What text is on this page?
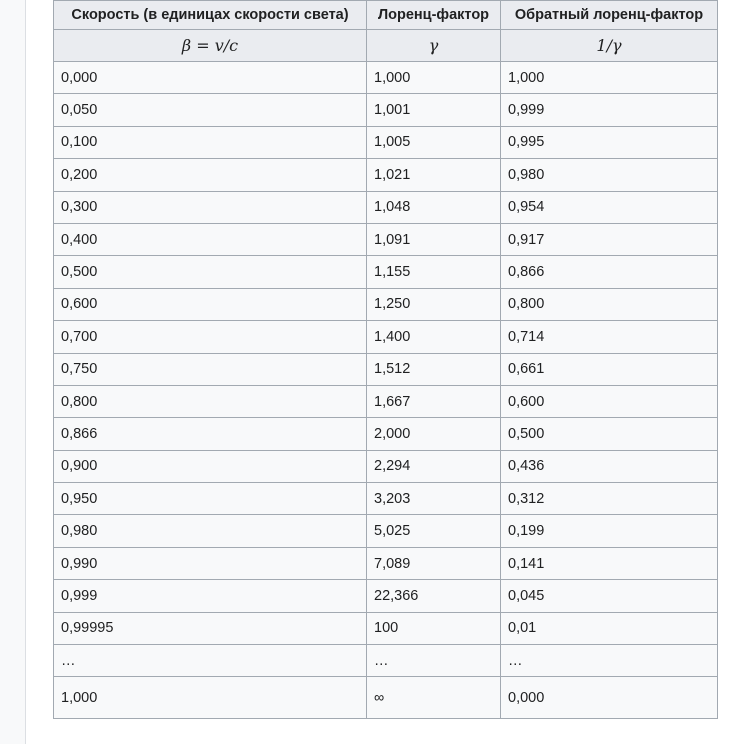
Скорость (в единицах скорости света)	Лоренц-фактор	Обратный лоренц-фактор
β = v/c	γ	1/γ
0,000	1,000	1,000
0,050	1,001	0,999
0,100	1,005	0,995
0,200	1,021	0,980
0,300	1,048	0,954
0,400	1,091	0,917
0,500	1,155	0,866
0,600	1,250	0,800
0,700	1,400	0,714
0,750	1,512	0,661
0,800	1,667	0,600
0,866	2,000	0,500
0,900	2,294	0,436
0,950	3,203	0,312
0,980	5,025	0,199
0,990	7,089	0,141
0,999	22,366	0,045
0,99995	100	0,01
…	…	…
1,000	∞	0,000
